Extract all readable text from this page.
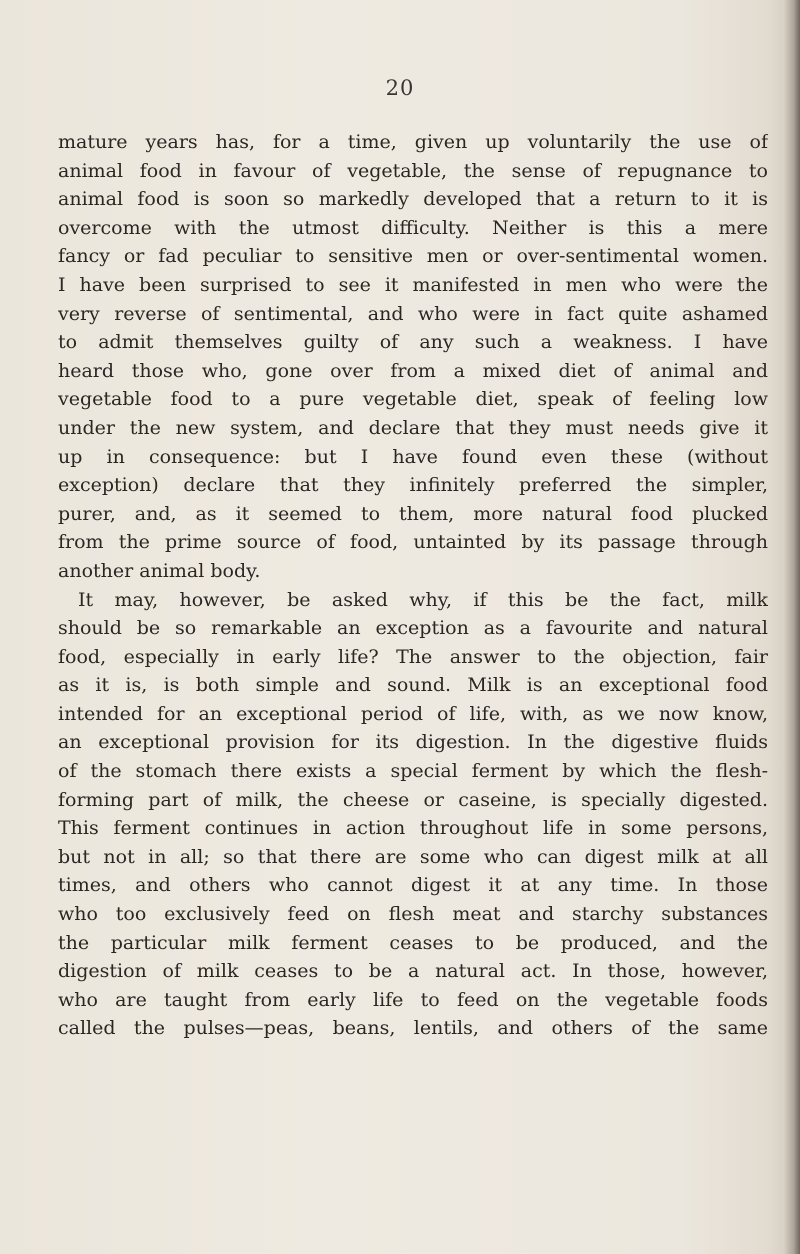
20
mature years has, for a time, given up voluntarily the use of
animal food in favour of vegetable, the sense of repugnance to
animal food is soon so markedly developed that a return to it is
overcome with the utmost difficulty. Neither is this a mere
fancy or fad peculiar to sensitive men or over-sentimental women.
I have been surprised to see it manifested in men who were the
very reverse of sentimental, and who were in fact quite ashamed
to admit themselves guilty of any such a weakness. I have
heard those who, gone over from a mixed diet of animal and
vegetable food to a pure vegetable diet, speak of feeling low
under the new system, and declare that they must needs give it
up in consequence: but I have found even these (without
exception) declare that they infinitely preferred the simpler,
purer, and, as it seemed to them, more natural food plucked
from the prime source of food, untainted by its passage through
another animal body.
It may, however, be asked why, if this be the fact, milk
should be so remarkable an exception as a favourite and natural
food, especially in early life? The answer to the objection, fair
as it is, is both simple and sound. Milk is an exceptional food
intended for an exceptional period of life, with, as we now know,
an exceptional provision for its digestion. In the digestive fluids
of the stomach there exists a special ferment by which the flesh-
forming part of milk, the cheese or caseine, is specially digested.
This ferment continues in action throughout life in some persons,
but not in all; so that there are some who can digest milk at all
times, and others who cannot digest it at any time. In those
who too exclusively feed on flesh meat and starchy substances
the particular milk ferment ceases to be produced, and the
digestion of milk ceases to be a natural act. In those, however,
who are taught from early life to feed on the vegetable foods
called the pulses—peas, beans, lentils, and others of the same
